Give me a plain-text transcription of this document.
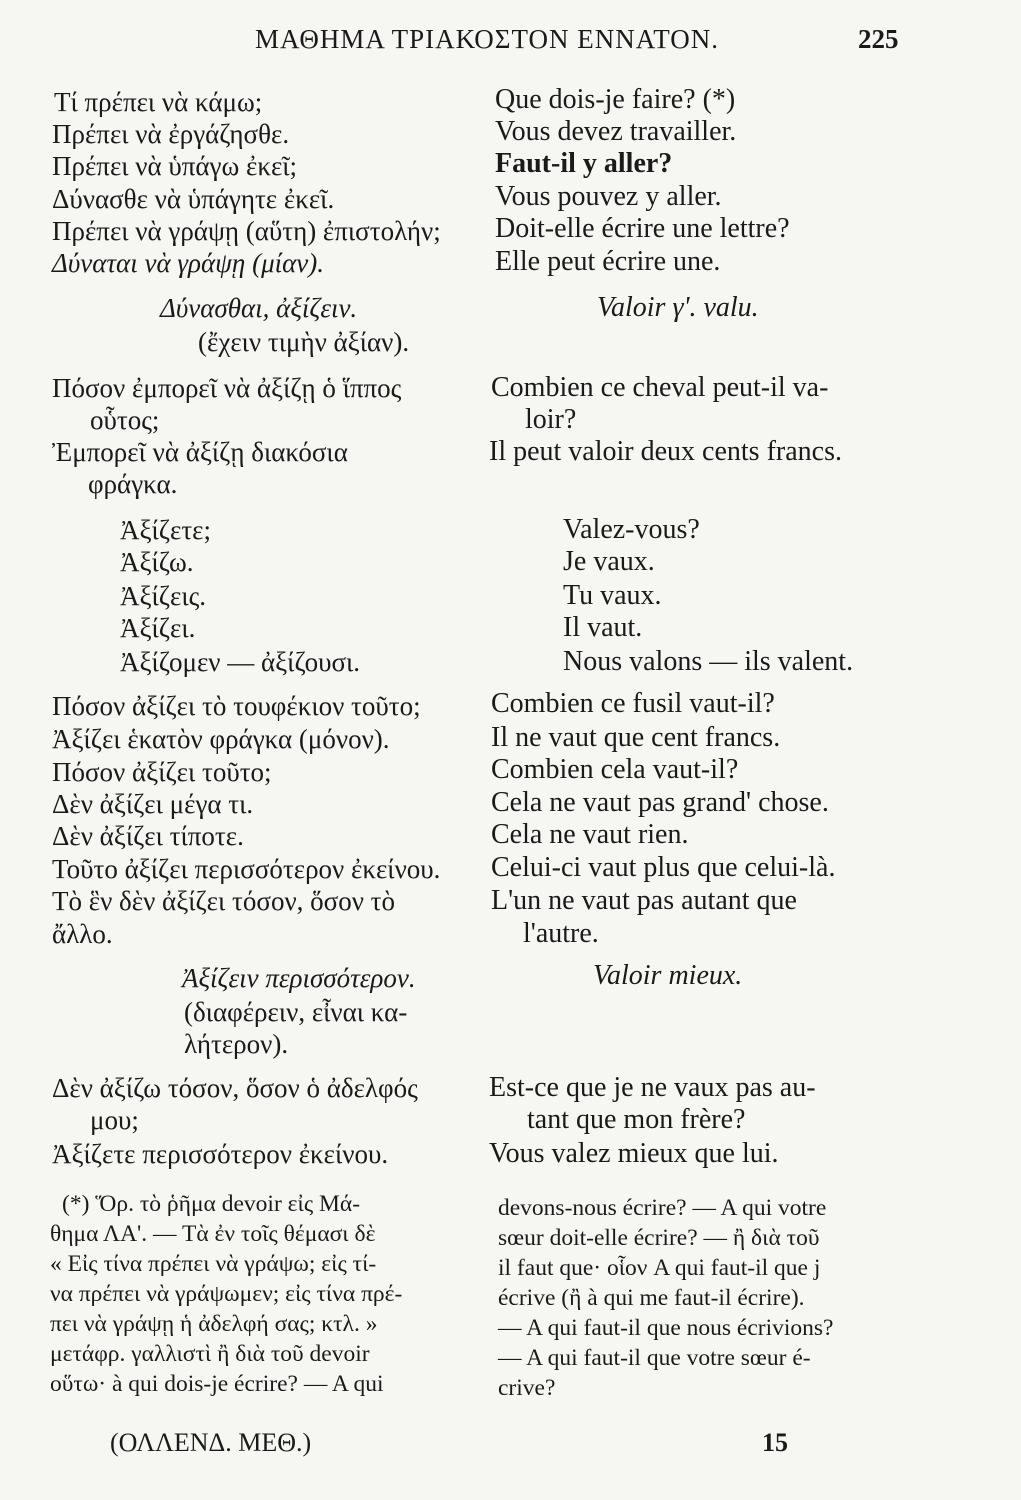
ΜΑΘΗΜΑ ΤΡΙΑΚΟΣΤΟΝ ΕΝΝΑΤΟΝ.	225
Τί πρέπει νὰ κάμω;
Πρέπει νὰ ἐργάζησθε.
Πρέπει νὰ ὑπάγω ἐκεῖ;
Δύνασθε νὰ ὑπάγητε ἐκεῖ.
Πρέπει νὰ γράψῃ (αὕτη) ἐπιστολήν;
Δύναται νὰ γράψῃ (μίαν).
Δύνασθαι, ἀξίζειν.
(ἔχειν τιμὴν ἀξίαν).
Πόσον ἐμπορεῖ νὰ ἀξίζῃ ὁ ἵππος
οὗτος;
Ἐμπορεῖ νὰ ἀξίζῃ διακόσια
φράγκα.
Ἀξίζετε;
Ἀξίζω.
Ἀξίζεις.
Ἀξίζει.
Ἀξίζομεν — ἀξίζουσι.
Πόσον ἀξίζει τὸ τουφέκιον τοῦτο;
Ἀξίζει ἑκατὸν φράγκα (μόνον).
Πόσον ἀξίζει τοῦτο;
Δὲν ἀξίζει μέγα τι.
Δὲν ἀξίζει τίποτε.
Τοῦτο ἀξίζει περισσότερον ἐκείνου.
Τὸ ἓν δὲν ἀξίζει τόσον, ὅσον τὸ
ἄλλο.
Ἀξίζειν περισσότερον.
(διαφέρειν, εἶναι κα-
λήτερον).
Δὲν ἀξίζω τόσον, ὅσον ὁ ἀδελφός
μου;
Ἀξίζετε περισσότερον ἐκείνου.
Que dois-je faire? (*)
Vous devez travailler.
Faut-il y aller?
Vous pouvez y aller.
Doit-elle écrire une lettre?
Elle peut écrire une.
Valoir γ'. valu.
Combien ce cheval peut-il va-
loir?
Il peut valoir deux cents francs.
Valez-vous?
Je vaux.
Tu vaux.
Il vaut.
Nous valons — ils valent.
Combien ce fusil vaut-il?
Il ne vaut que cent francs.
Combien cela vaut-il?
Cela ne vaut pas grand' chose.
Cela ne vaut rien.
Celui-ci vaut plus que celui-là.
L'un ne vaut pas autant que
l'autre.
Valoir mieux.
Est-ce que je ne vaux pas au-
tant que mon frère?
Vous valez mieux que lui.
(*) Ὅρ. τὸ ῥῆμα devoir εἰς Μά-
θημα ΛΑ'. — Τὰ ἐν τοῖς θέμασι δὲ
« Εἰς τίνα πρέπει νὰ γράψω; εἰς τί-
να πρέπει νὰ γράψωμεν; εἰς τίνα πρέ-
πει νὰ γράψῃ ἡ ἀδελφή σας; κτλ. »
μετάφρ. γαλλιστὶ ἢ διὰ τοῦ devoir
οὕτω· à qui dois-je écrire? — A qui
devons-nous écrire? — A qui votre
sœur doit-elle écrire? — ἢ διὰ τοῦ
il faut que· οἷον A qui faut-il que j
écrive (ἢ à qui me faut-il écrire).
— A qui faut-il que nous écrivions?
— A qui faut-il que votre sœur é-
crive?
(ΟΛΛΕΝΔ. ΜΕΘ.)	15
